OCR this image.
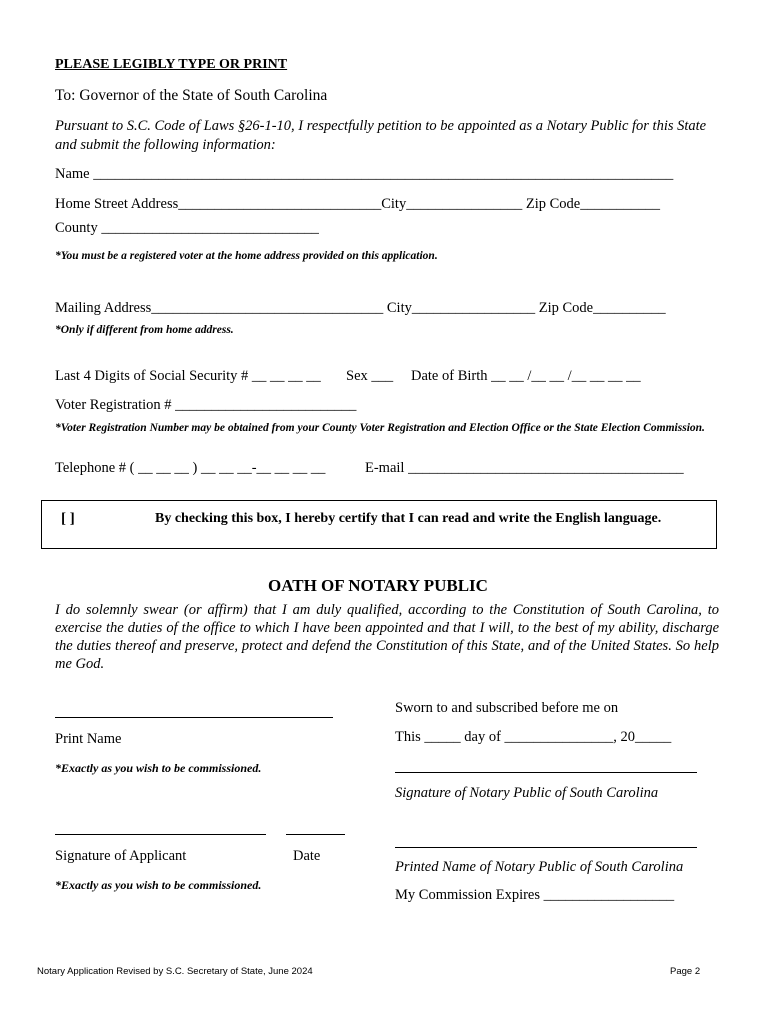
PLEASE LEGIBLY TYPE OR PRINT
To: Governor of the State of South Carolina
Pursuant to S.C. Code of Laws §26-1-10, I respectfully petition to be appointed as a Notary Public for this State and submit the following information:
Name ________________________________________________________________________________
Home Street Address____________________________City________________ Zip Code___________
County ______________________________
*You must be a registered voter at the home address provided on this application.
Mailing Address________________________________ City_________________ Zip Code__________
*Only if different from home address.
Last 4 Digits of Social Security # __ __ __ __ Sex ___ Date of Birth __ __ /__ __ /__ __ __ __
Voter Registration # _________________________
*Voter Registration Number may be obtained from your County Voter Registration and Election Office or the State Election Commission.
Telephone # ( __ __ __ ) __ __ __-__ __ __ __	E-mail ______________________________________
[ ]	By checking this box, I hereby certify that I can read and write the English language.
OATH OF NOTARY PUBLIC
I do solemnly swear (or affirm) that I am duly qualified, according to the Constitution of South Carolina, to exercise the duties of the office to which I have been appointed and that I will, to the best of my ability, discharge the duties thereof and preserve, protect and defend the Constitution of this State, and of the United States. So help me God.
Print Name
*Exactly as you wish to be commissioned.
Signature of Applicant	Date
*Exactly as you wish to be commissioned.
Sworn to and subscribed before me on
This _____ day of _______________, 20_____
Signature of Notary Public of South Carolina
Printed Name of Notary Public of South Carolina
My Commission Expires __________________
Notary Application Revised by S.C. Secretary of State, June 2024	Page 2
